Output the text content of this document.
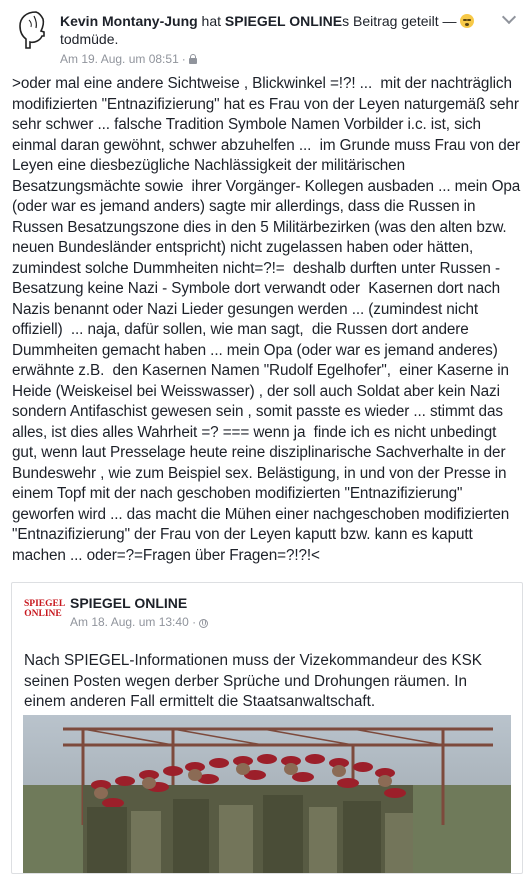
Kevin Montany-Jung hat SPIEGEL ONLINEs Beitrag geteilt —

todmüde.
Am 19. Aug. um 08:51 ·
>oder mal eine andere Sichtweise , Blickwinkel =!?! ...  mit der nachträglich modifizierten "Entnazifizierung" hat es Frau von der Leyen naturgemäß sehr sehr schwer ... falsche Tradition Symbole Namen Vorbilder i.c. ist, sich einmal daran gewöhnt, schwer abzuhelfen ...  im Grunde muss Frau von der Leyen eine diesbezügliche Nachlässigkeit der militärischen Besatzungsmächte sowie  ihrer Vorgänger- Kollegen ausbaden ... mein Opa (oder war es jemand anders) sagte mir allerdings, dass die Russen in Russen Besatzungszone dies in den 5 Militärbezirken (was den alten bzw. neuen Bundesländer entspricht) nicht zugelassen haben oder hätten, zumindest solche Dummheiten nicht=?!=  deshalb durften unter Russen - Besatzung keine Nazi - Symbole dort verwandt oder  Kasernen dort nach Nazis benannt oder Nazi Lieder gesungen werden ... (zumindest nicht offiziell)  ... naja, dafür sollen, wie man sagt,  die Russen dort andere Dummheiten gemacht haben ... mein Opa (oder war es jemand anderes) erwähnte z.B.  den Kasernen Namen "Rudolf Egelhofer",  einer Kaserne in  Heide (Weiskeisel bei Weisswasser) , der soll auch Soldat aber kein Nazi sondern Antifaschist gewesen sein , somit passte es wieder ... stimmt das alles, ist dies alles Wahrheit =? === wenn ja  finde ich es nicht unbedingt gut, wenn laut Presselage heute reine disziplinarische Sachverhalte in der Bundeswehr , wie zum Beispiel sex. Belästigung, in und von der Presse in einem Topf mit der nach geschoben modifizierten "Entnazifizierung" geworfen wird ... das macht die Mühen einer nachgeschoben modifizierten "Entnazifizierung" der Frau von der Leyen kaputt bzw. kann es kaputt machen ... oder=?=Fragen über Fragen=?!?!<
SPIEGEL
ONLINE
SPIEGEL ONLINE
Am 18. Aug. um 13:40 ·
Nach SPIEGEL-Informationen muss der Vizekommandeur des KSK seinen Posten wegen derber Sprüche und Drohungen räumen. In einem anderen Fall ermittelt die Staatsanwaltschaft.
